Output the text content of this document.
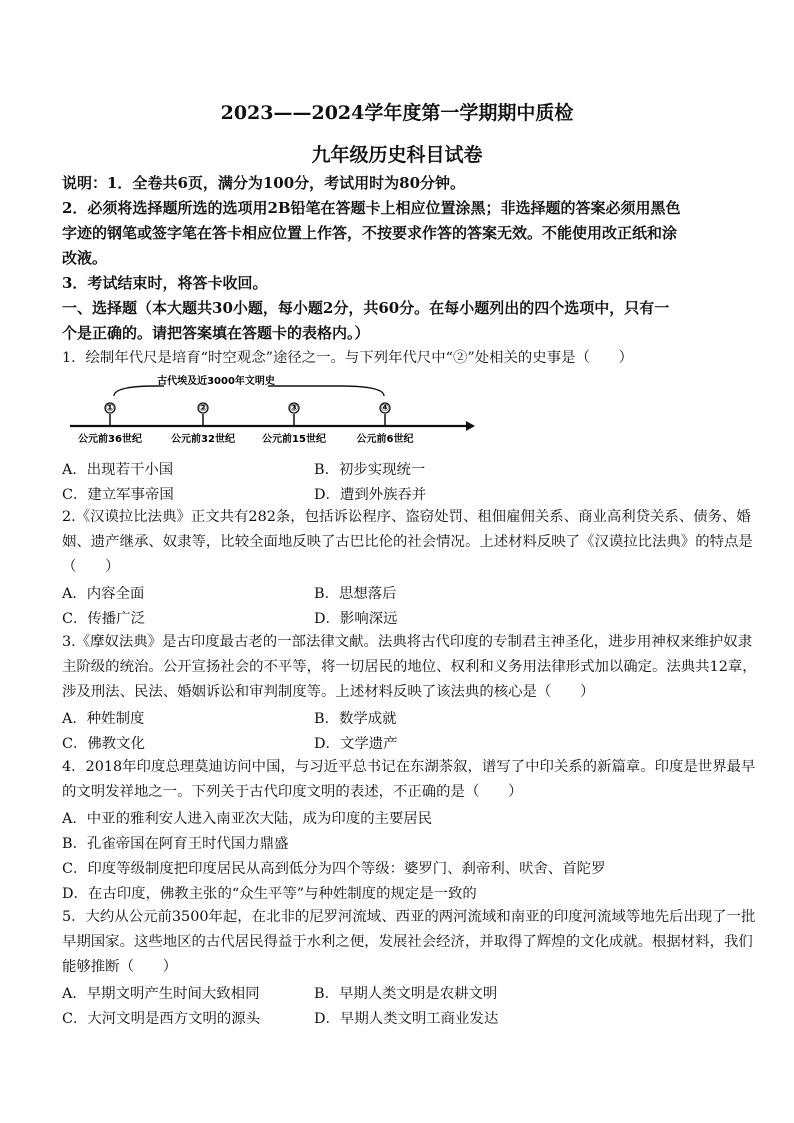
2023——2024学年度第一学期期中质检
九年级历史科目试卷
说明：1．全卷共6页，满分为100分，考试用时为80分钟。
2．必须将选择题所选的选项用2B铅笔在答题卡上相应位置涂黑；非选择题的答案必须用黑色
字迹的钢笔或签字笔在答卡相应位置上作答，不按要求作答的答案无效。不能使用改正纸和涂
改液。
3．考试结束时，将答卡收回。
一、选择题（本大题共30小题，每小题2分，共60分。在每小题列出的四个选项中，只有一
个是正确的。请把答案填在答题卡的表格内。）
1．绘制年代尺是培育“时空观念”途径之一。与下列年代尺中“②”处相关的史事是（　　）
古代埃及近3000年文明史
①	②	③	④
公元前36世纪	公元前32世纪	公元前15世纪	公元前6世纪
A．出现若干小国	B．初步实现统一
C．建立军事帝国	D．遭到外族吞并
2.《汉谟拉比法典》正文共有282条，包括诉讼程序、盗窃处罚、租佃雇佣关系、商业高利贷关系、债务、婚
姻、遗产继承、奴隶等，比较全面地反映了古巴比伦的社会情况。上述材料反映了《汉谟拉比法典》的特点是
（　　）
A．内容全面	B．思想落后
C．传播广泛	D．影响深远
3.《摩奴法典》是古印度最古老的一部法律文献。法典将古代印度的专制君主神圣化，进步用神权来维护奴隶
主阶级的统治。公开宣扬社会的不平等，将一切居民的地位、权利和义务用法律形式加以确定。法典共12章，
涉及刑法、民法、婚姻诉讼和审判制度等。上述材料反映了该法典的核心是（　　）
A．种姓制度	B．数学成就
C．佛教文化	D．文学遗产
4．2018年印度总理莫迪访问中国，与习近平总书记在东湖茶叙，谱写了中印关系的新篇章。印度是世界最早
的文明发祥地之一。下列关于古代印度文明的表述，不正确的是（　　）
A．中亚的雅利安人进入南亚次大陆，成为印度的主要居民
B．孔雀帝国在阿育王时代国力鼎盛
C．印度等级制度把印度居民从高到低分为四个等级：婆罗门、刹帝利、吠舍、首陀罗
D．在古印度，佛教主张的“众生平等”与种姓制度的规定是一致的
5．大约从公元前3500年起，在北非的尼罗河流域、西亚的两河流域和南亚的印度河流域等地先后出现了一批
早期国家。这些地区的古代居民得益于水利之便，发展社会经济，并取得了辉煌的文化成就。根据材料，我们
能够推断（　　）
A．早期文明产生时间大致相同	B．早期人类文明是农耕文明
C．大河文明是西方文明的源头	D．早期人类文明工商业发达
